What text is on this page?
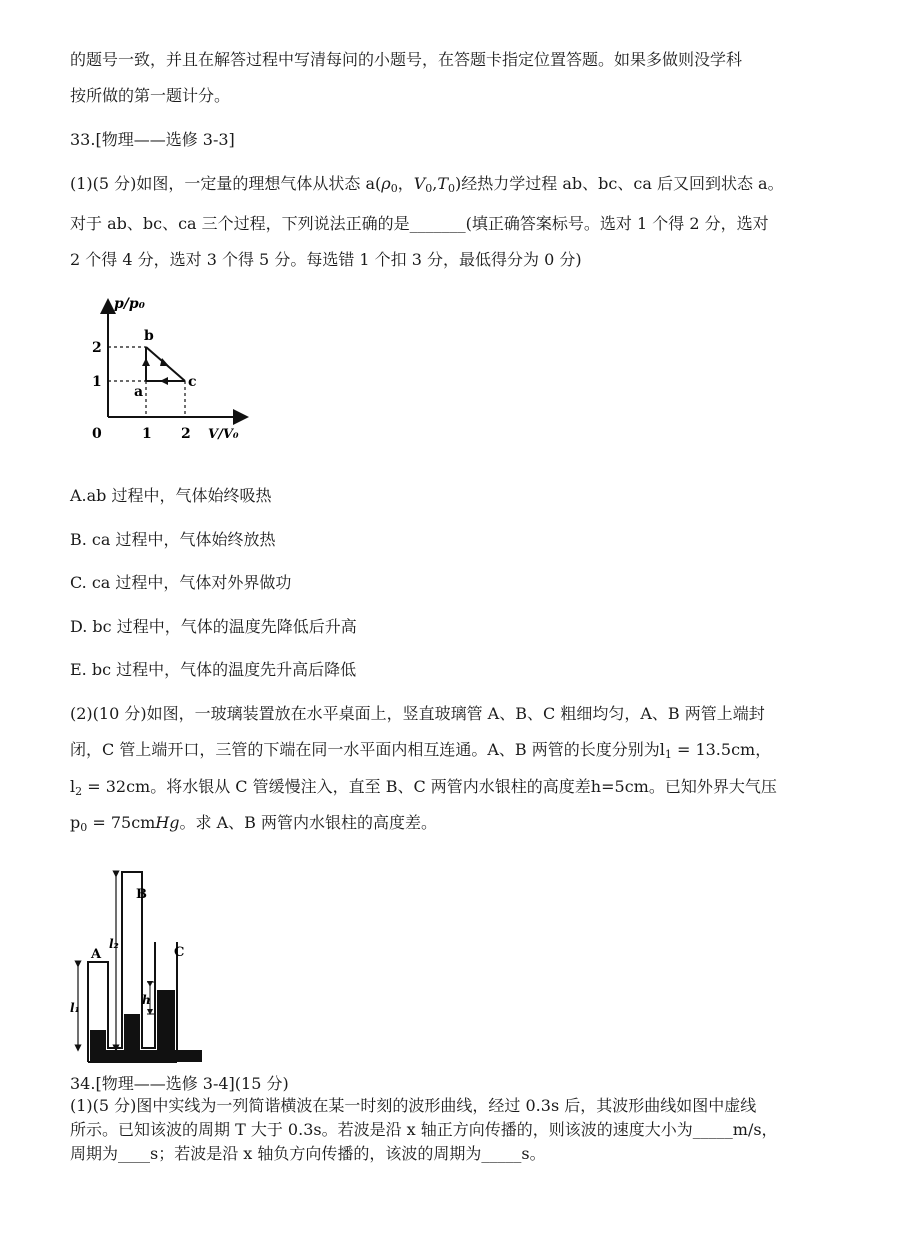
的题号一致，并且在解答过程中写清每问的小题号，在答题卡指定位置答题。如果多做则没学科
按所做的第一题计分。
33.[物理——选修 3-3]
(1)(5 分)如图，一定量的理想气体从状态 $a(\rho_0$，$V_0,T_0$)经热力学过程 ab、bc、ca 后又回到状态 a。
对于 ab、bc、ca 三个过程，下列说法正确的是_______(填正确答案标号。选对 1 个得 2 分，选对
2 个得 4 分，选对 3 个得 5 分。每选错 1 个扣 3 分，最低得分为 0 分)
p/p₀
V/V₀
0
2
1
1 2
b
a
c
A.ab 过程中，气体始终吸热
B. ca 过程中，气体始终放热
C. ca 过程中，气体对外界做功
D. bc 过程中，气体的温度先降低后升高
E. bc 过程中，气体的温度先升高后降低
(2)(10 分)如图，一玻璃装置放在水平桌面上，竖直玻璃管 A、B、C 粗细均匀，A、B 两管上端封
闭，C 管上端开口，三管的下端在同一水平面内相互连通。A、B 两管的长度分别为$l_1 = 13.5cm$，
$l_2 = 32cm$。将水银从 C 管缓慢注入，直至 B、C 两管内水银柱的高度差h=5cm。已知外界大气压
$p_0$ = 75cmHg。求 A、B 两管内水银柱的高度差。
A
B
C
l₁
l₂
h
34.[物理——选修 3-4](15 分)
(1)(5 分)图中实线为一列简谐横波在某一时刻的波形曲线，经过 0.3s 后，其波形曲线如图中虚线
所示。已知该波的周期 T 大于 0.3s。若波是沿 x 轴正方向传播的，则该波的速度大小为_____m/s，
周期为____s；若波是沿 x 轴负方向传播的，该波的周期为_____s。
